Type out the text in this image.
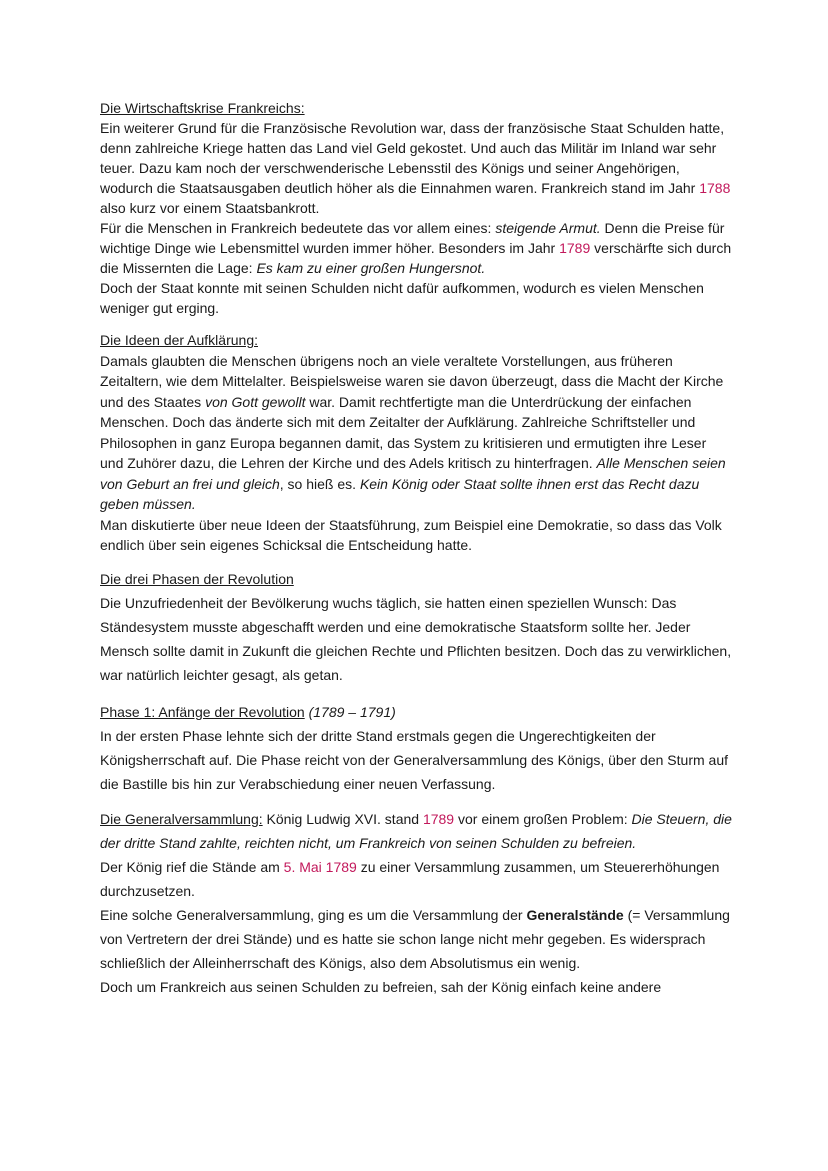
Die Wirtschaftskrise Frankreichs:
Ein weiterer Grund für die Französische Revolution war, dass der französische Staat Schulden hatte, denn zahlreiche Kriege hatten das Land viel Geld gekostet. Und auch das Militär im Inland war sehr teuer. Dazu kam noch der verschwenderische Lebensstil des Königs und seiner Angehörigen, wodurch die Staatsausgaben deutlich höher als die Einnahmen waren. Frankreich stand im Jahr 1788 also kurz vor einem Staatsbankrott.
Für die Menschen in Frankreich bedeutete das vor allem eines: steigende Armut. Denn die Preise für wichtige Dinge wie Lebensmittel wurden immer höher. Besonders im Jahr 1789 verschärfte sich durch die Missernten die Lage: Es kam zu einer großen Hungersnot.
Doch der Staat konnte mit seinen Schulden nicht dafür aufkommen, wodurch es vielen Menschen weniger gut erging.
Die Ideen der Aufklärung:
Damals glaubten die Menschen übrigens noch an viele veraltete Vorstellungen, aus früheren Zeitaltern, wie dem Mittelalter. Beispielsweise waren sie davon überzeugt, dass die Macht der Kirche und des Staates von Gott gewollt war. Damit rechtfertigte man die Unterdrückung der einfachen Menschen. Doch das änderte sich mit dem Zeitalter der Aufklärung. Zahlreiche Schriftsteller und Philosophen in ganz Europa begannen damit, das System zu kritisieren und ermutigten ihre Leser und Zuhörer dazu, die Lehren der Kirche und des Adels kritisch zu hinterfragen. Alle Menschen seien von Geburt an frei und gleich, so hieß es. Kein König oder Staat sollte ihnen erst das Recht dazu geben müssen.
Man diskutierte über neue Ideen der Staatsführung, zum Beispiel eine Demokratie, so dass das Volk endlich über sein eigenes Schicksal die Entscheidung hatte.
Die drei Phasen der Revolution
Die Unzufriedenheit der Bevölkerung wuchs täglich, sie hatten einen speziellen Wunsch: Das Ständesystem musste abgeschafft werden und eine demokratische Staatsform sollte her. Jeder Mensch sollte damit in Zukunft die gleichen Rechte und Pflichten besitzen. Doch das zu verwirklichen, war natürlich leichter gesagt, als getan.
Phase 1: Anfänge der Revolution (1789 – 1791)
In der ersten Phase lehnte sich der dritte Stand erstmals gegen die Ungerechtigkeiten der Königsherrschaft auf. Die Phase reicht von der Generalversammlung des Königs, über den Sturm auf die Bastille bis hin zur Verabschiedung einer neuen Verfassung.
Die Generalversammlung: König Ludwig XVI. stand 1789 vor einem großen Problem: Die Steuern, die der dritte Stand zahlte, reichten nicht, um Frankreich von seinen Schulden zu befreien.
Der König rief die Stände am 5. Mai 1789 zu einer Versammlung zusammen, um Steuererhöhungen durchzusetzen.
Eine solche Generalversammlung, ging es um die Versammlung der Generalstände (= Versammlung von Vertretern der drei Stände) und es hatte sie schon lange nicht mehr gegeben. Es widersprach schließlich der Alleinherrschaft des Königs, also dem Absolutismus ein wenig.
Doch um Frankreich aus seinen Schulden zu befreien, sah der König einfach keine andere
